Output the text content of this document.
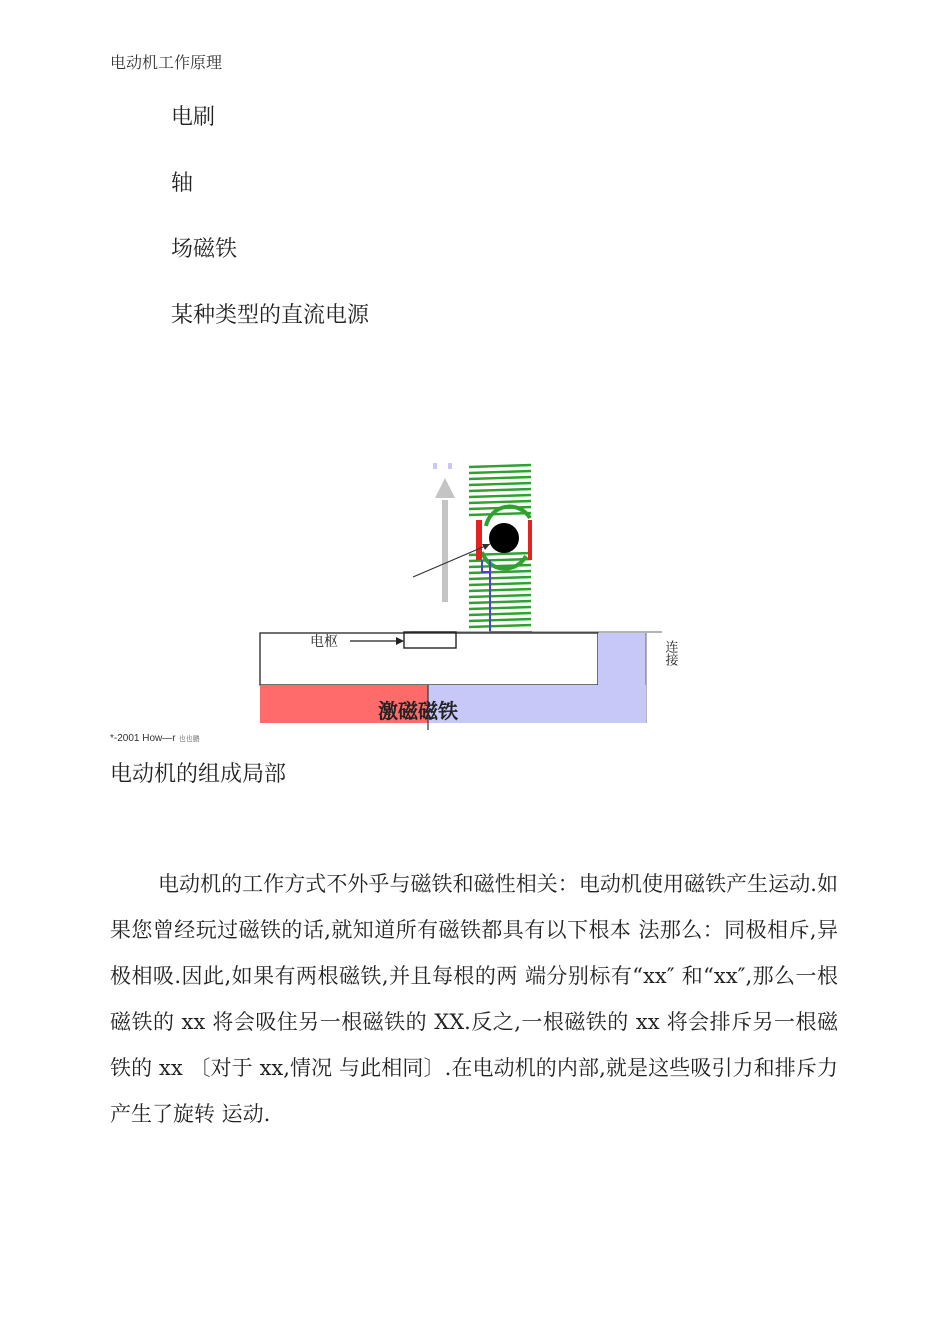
电动机工作原理
电刷
轴
场磁铁
某种类型的直流电源
电枢
激磁磁铁
连接
*-2001 How—r 也也鹏
电动机的组成局部

电动机的工作方式不外乎与磁铁和磁性相关：电动机使用磁铁产生运动.如果您曾经玩过磁铁的话,就知道所有磁铁都具有以下根本 法那么：同极相斥,异极相吸.因此,如果有两根磁铁,并且每根的两 端分别标有“xx″ 和“xx″,那么一根磁铁的 xx 将会吸住另一根磁铁的 XX.反之,一根磁铁的 xx 将会排斥另一根磁铁的 xx 〔对于 xx,情况 与此相同〕.在电动机的内部,就是这些吸引力和排斥力产生了旋转 运动.
